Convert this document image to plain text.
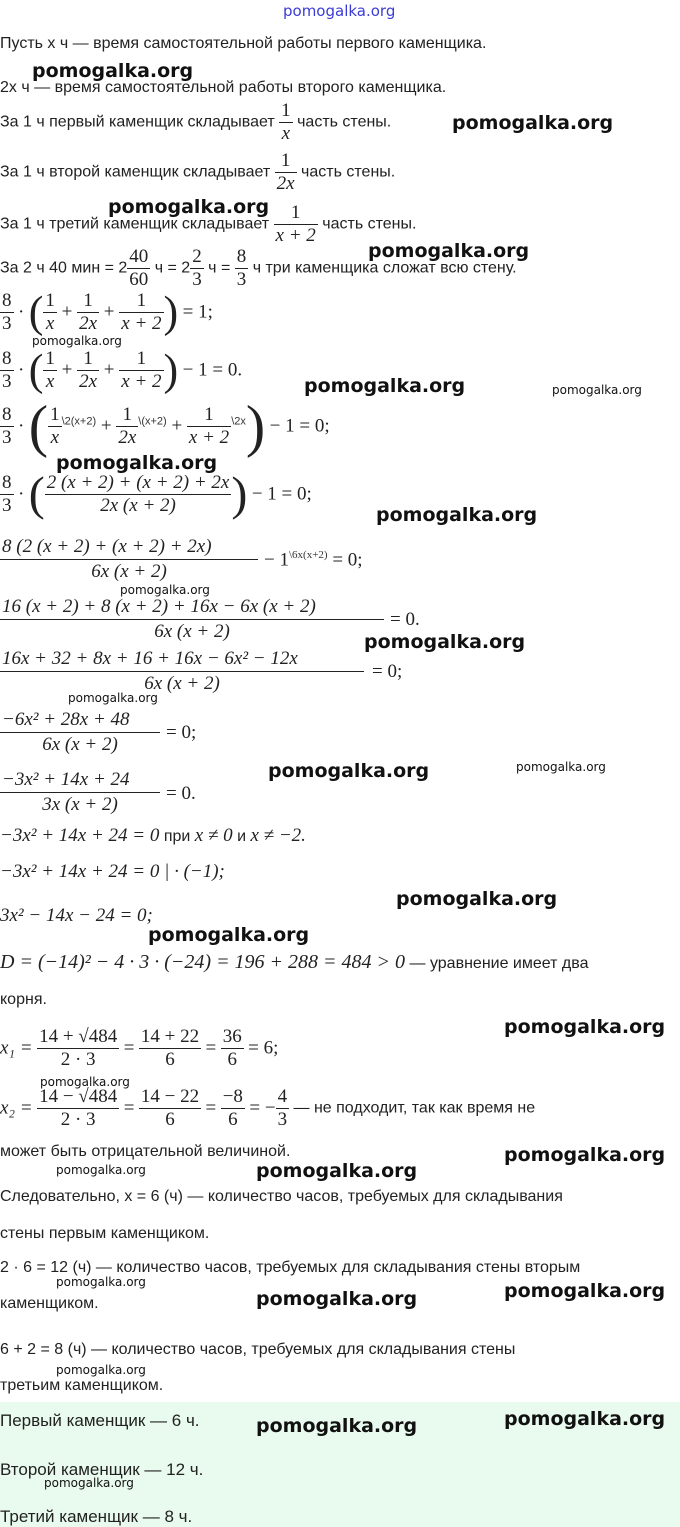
pomogalka.org
Пусть x ч — время самостоятельной работы первого каменщика.
2x ч — время самостоятельной работы второго каменщика.
За 1 ч первый каменщик складывает $\frac{1}{x}$ часть стены.
За 1 ч второй каменщик складывает $\frac{1}{2x}$ часть стены.
За 1 ч третий каменщик складывает $\frac{1}{x + 2}$ часть стены.
За 2 ч 40 мин = $2 \frac{40}{60}$ $ч = 2 \frac{2}{3}$ $ч = \frac{8}{3}$ ч три каменщика сложат всю стену.
$\frac{8}{3}$ · ( $\frac{1}{x} + \frac{1}{2x} + \frac{1}{x + 2}$ ) = 1;
$\frac{8}{3}$ · ( $\frac{1}{x} + \frac{1}{2x} + \frac{1}{x + 2}$ ) − 1 = 0.
$\frac{8}{3}$ · ( $\frac{1}{x} ^{\backslash 2(x+2)} + \frac{1}{2x} ^{\backslash(x+2)} + \frac{1}{x + 2} ^{\backslash 2x}) - 1 = 0$;
$\frac{8}{3}$ · ( $\frac{2 (x + 2) + (x + 2) + 2x}{2x (x + 2)}$ ) − 1 = 0;
$\frac{8 (2 (x + 2) + (x + 2) + 2x)}{6x (x + 2)} - 1^{\backslash 6x(x+2)} = 0$;
$\frac{16 (x + 2) + 8 (x + 2) + 16x - 6x (x + 2)}{6x (x + 2)} = 0$.
$\frac{\text{16x + 32 + 8x + 16 + 16x − 6x² − 12x}}{6x (x + 2)} = 0$;
$\frac{\text{−6x² + 28x + 48}}{6x (x + 2)} = 0$;
$\frac{\text{−3x² + 14x + 24}}{3x (x + 2)} = 0$.
−3x² + 14x + 24 = 0 при x ≠ 0 и x ≠ −2.
−3x² + 14x + 24 = 0 | · (−1);
3x² − 14x − 24 = 0;
D = (−14)² − 4 · 3 · (−24) = 196 + 288 = 484 > 0 — уравнение имеет два
корня.
$x_1 = \frac{14 + √484}{2 \cdot 3} = \frac{14 + 22}{6} = \frac{36}{6} = 6$;
$x_2 = \frac{14 - √484}{2 \cdot 3} = \frac{14 - 22}{6} = \frac{-8}{6}$ = − $\frac{4}{3}$ — не подходит, так как время не
может быть отрицательной величиной.
Следовательно, x = 6 (ч) — количество часов, требуемых для складывания
стены первым каменщиком.
2 · 6 = 12 (ч) — количество часов, требуемых для складывания стены вторым
каменщиком.
6 + 2 = 8 (ч) — количество часов, требуемых для складывания стены
третьим каменщиком.
Первый каменщик — 6 ч.
Второй каменщик — 12 ч.
Третий каменщик — 8 ч.
pomogalka.org
pomogalka.org
pomogalka.org
pomogalka.org
pomogalka.org
pomogalka.org	pomogalka.org
pomogalka.org
pomogalka.org
pomogalka.org
pomogalka.org
pomogalka.org
pomogalka.org	pomogalka.org
pomogalka.org
pomogalka.org
pomogalka.org
pomogalka.org
pomogalka.org
pomogalka.org	pomogalka.org
pomogalka.org	pomogalka.org
pomogalka.org
pomogalka.org
pomogalka.org
pomogalka.org
pomogalka.org
